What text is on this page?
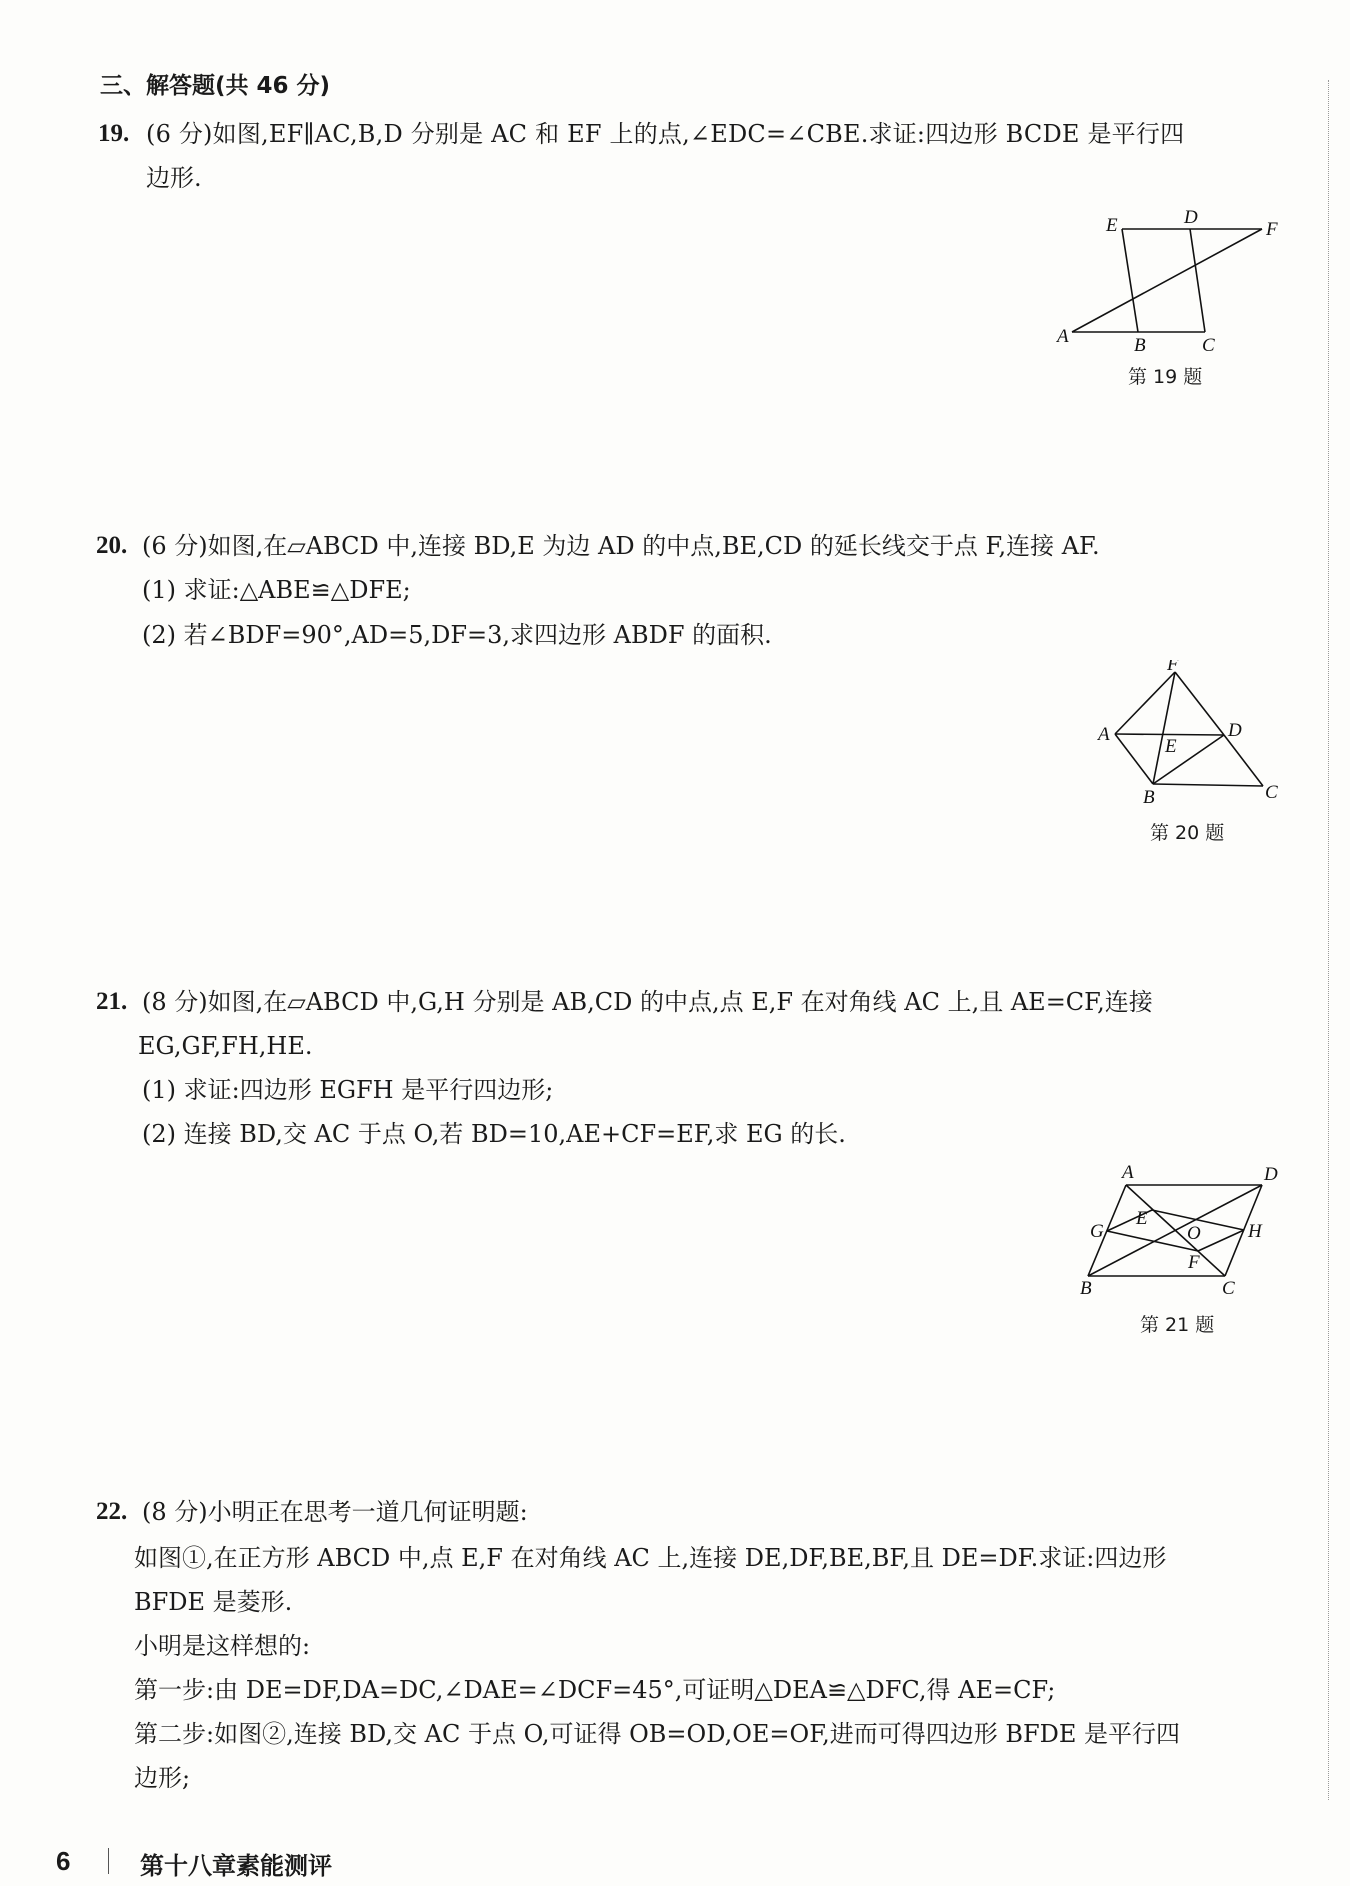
三、解答题(共 46 分)
19. (6 分)如图,EF∥AC,B,D 分别是 AC 和 EF 上的点,∠EDC=∠CBE.求证:四边形 BCDE 是平行四
边形.
E	D
F
A	B	C
第 19 题
20. (6 分)如图,在▱ABCD 中,连接 BD,E 为边 AD 的中点,BE,CD 的延长线交于点 F,连接 AF.
(1) 求证:△ABE≌△DFE;
(2) 若∠BDF=90°,AD=5,DF=3,求四边形 ABDF 的面积.
F
A	D
E
B	C
第 20 题
21. (8 分)如图,在▱ABCD 中,G,H 分别是 AB,CD 的中点,点 E,F 在对角线 AC 上,且 AE=CF,连接
EG,GF,FH,HE.
(1) 求证:四边形 EGFH 是平行四边形;
(2) 连接 BD,交 AC 于点 O,若 BD=10,AE+CF=EF,求 EG 的长.
A	D
G
E
O H
F
B	C
第 21 题
22. (8 分)小明正在思考一道几何证明题:
如图①,在正方形 ABCD 中,点 E,F 在对角线 AC 上,连接 DE,DF,BE,BF,且 DE=DF.求证:四边形
BFDE 是菱形.
小明是这样想的:
第一步:由 DE=DF,DA=DC,∠DAE=∠DCF=45°,可证明△DEA≌△DFC,得 AE=CF;
第二步:如图②,连接 BD,交 AC 于点 O,可证得 OB=OD,OE=OF,进而可得四边形 BFDE 是平行四
边形;
6	第十八章素能测评
